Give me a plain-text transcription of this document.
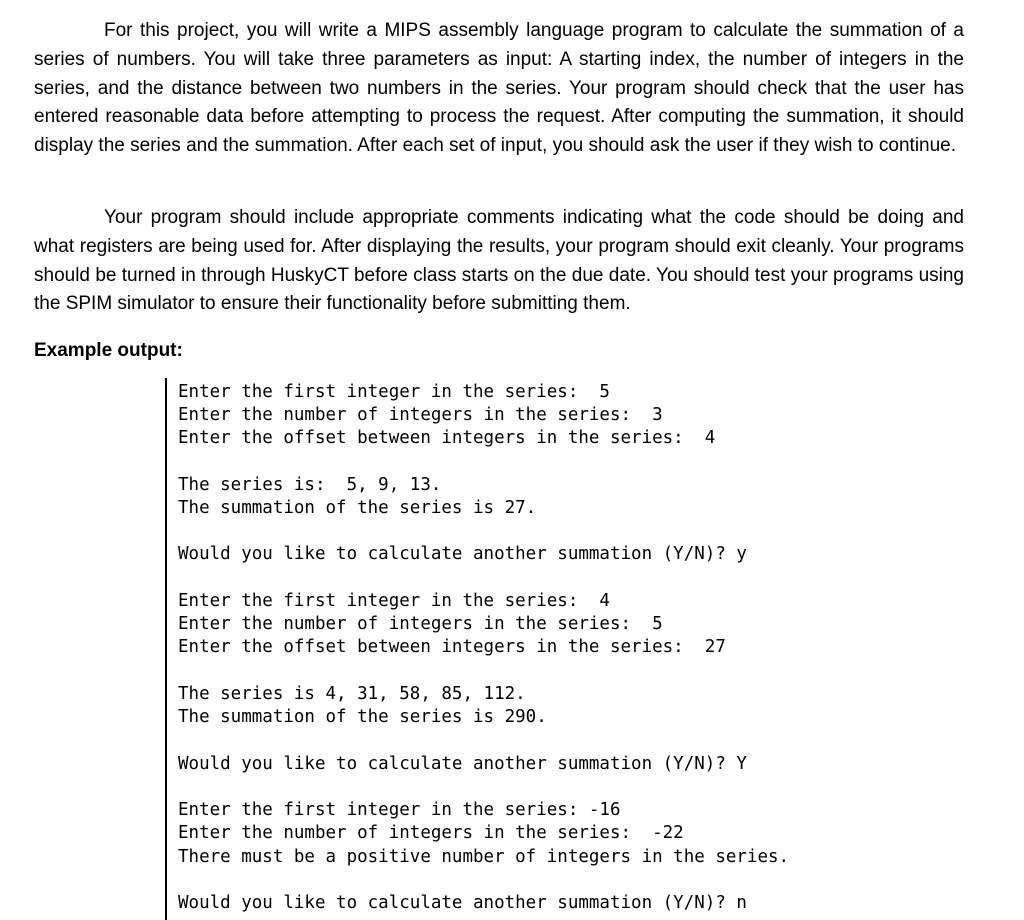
For this project, you will write a MIPS assembly language program to calculate the summation of a series of numbers. You will take three parameters as input: A starting index, the number of integers in the series, and the distance between two numbers in the series. Your program should check that the user has entered reasonable data before attempting to process the request. After computing the summation, it should display the series and the summation. After each set of input, you should ask the user if they wish to continue.

Your program should include appropriate comments indicating what the code should be doing and what registers are being used for. After displaying the results, your program should exit cleanly. Your programs should be turned in through HuskyCT before class starts on the due date. You should test your programs using the SPIM simulator to ensure their functionality before submitting them.

Example output:
Enter the first integer in the series:  5
Enter the number of integers in the series:  3
Enter the offset between integers in the series:  4
The series is:  5, 9, 13.
The summation of the series is 27.
Would you like to calculate another summation (Y/N)? y
Enter the first integer in the series:  4
Enter the number of integers in the series:  5
Enter the offset between integers in the series:  27
The series is 4, 31, 58, 85, 112.
The summation of the series is 290.
Would you like to calculate another summation (Y/N)? Y
Enter the first integer in the series: -16
Enter the number of integers in the series:  -22
There must be a positive number of integers in the series.
Would you like to calculate another summation (Y/N)? n
